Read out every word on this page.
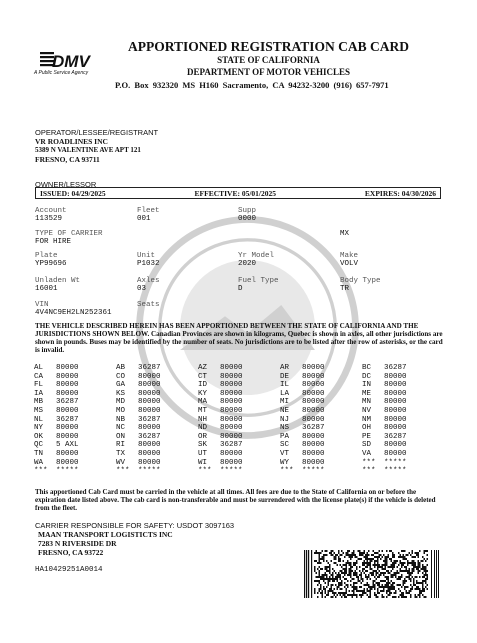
DMV
A Public Service Agency
APPORTIONED REGISTRATION CAB CARD
STATE OF CALIFORNIA
DEPARTMENT OF MOTOR VEHICLES
P.O. Box 932320 MS H160 Sacramento, CA 94232-3200 (916) 657-7971
OPERATOR/LESSEE/REGISTRANT
VR ROADLINES INC
5389 N VALENTINE AVE APT 121
FRESNO, CA 93711
OWNER/LESSOR
ISSUED: 04/29/2025	EFFECTIVE: 05/01/2025	EXPIRES: 04/30/2026
Account
113529
Fleet
001
Supp
0000
TYPE OF CARRIER
FOR HIRE
MX
Plate
YP99696
Unit
P1032
Yr Model
2020
Make
VOLV
Unladen Wt
16001
Axles
03
Fuel Type
D
Body Type
TR
VIN
4V4NC9EH2LN252361
Seats
THE VEHICLE DESCRIBED HEREIN HAS BEEN APPORTIONED BETWEEN THE STATE OF CALIFORNIA AND THE JURISDICTIONS SHOWN BELOW. Canadian Provinces are shown in kilograms, Quebec is shown in axles, all other jurisdictions are shown in pounds. Buses may be identified by the number of seats. No jurisdictions are to be listed after the row of asterisks, or the card is invalid.
AL	80000	AB	36287	AZ	80000	AR	80000	BC	36287
CA	80000	CO	80000	CT	80000	DE	80000	DC	80000
FL	80000	GA	80000	ID	80000	IL	80000	IN	80000
IA	80000	KS	80000	KY	80000	LA	80000	ME	80000
MB	36287	MD	80000	MA	80000	MI	80000	MN	80000
MS	80000	MO	80000	MT	80000	NE	80000	NV	80000
NL	36287	NB	36287	NH	80000	NJ	80000	NM	80000
NY	80000	NC	80000	ND	80000	NS	36287	OH	80000
OK	80000	ON	36287	OR	80000	PA	80000	PE	36287
QC	5 AXL	RI	80000	SK	36287	SC	80000	SD	80000
TN	80000	TX	80000	UT	80000	VT	80000	VA	80000
WA	80000	WV	80000	WI	80000	WY	80000	***	*****
***	*****	***	*****	***	*****	***	*****	***	*****
This apportioned Cab Card must be carried in the vehicle at all times. All fees are due to the State of California on or before the expiration date listed above. The cab card is non-transferable and must be surrendered with the license plate(s) if the vehicle is deleted from the fleet.
CARRIER RESPONSIBLE FOR SAFETY: USDOT 3097163
MAAN TRANSPORT LOGISTICTS INC
7283 N RIVERSIDE DR
FRESNO, CA 93722
HA10429251A0014
